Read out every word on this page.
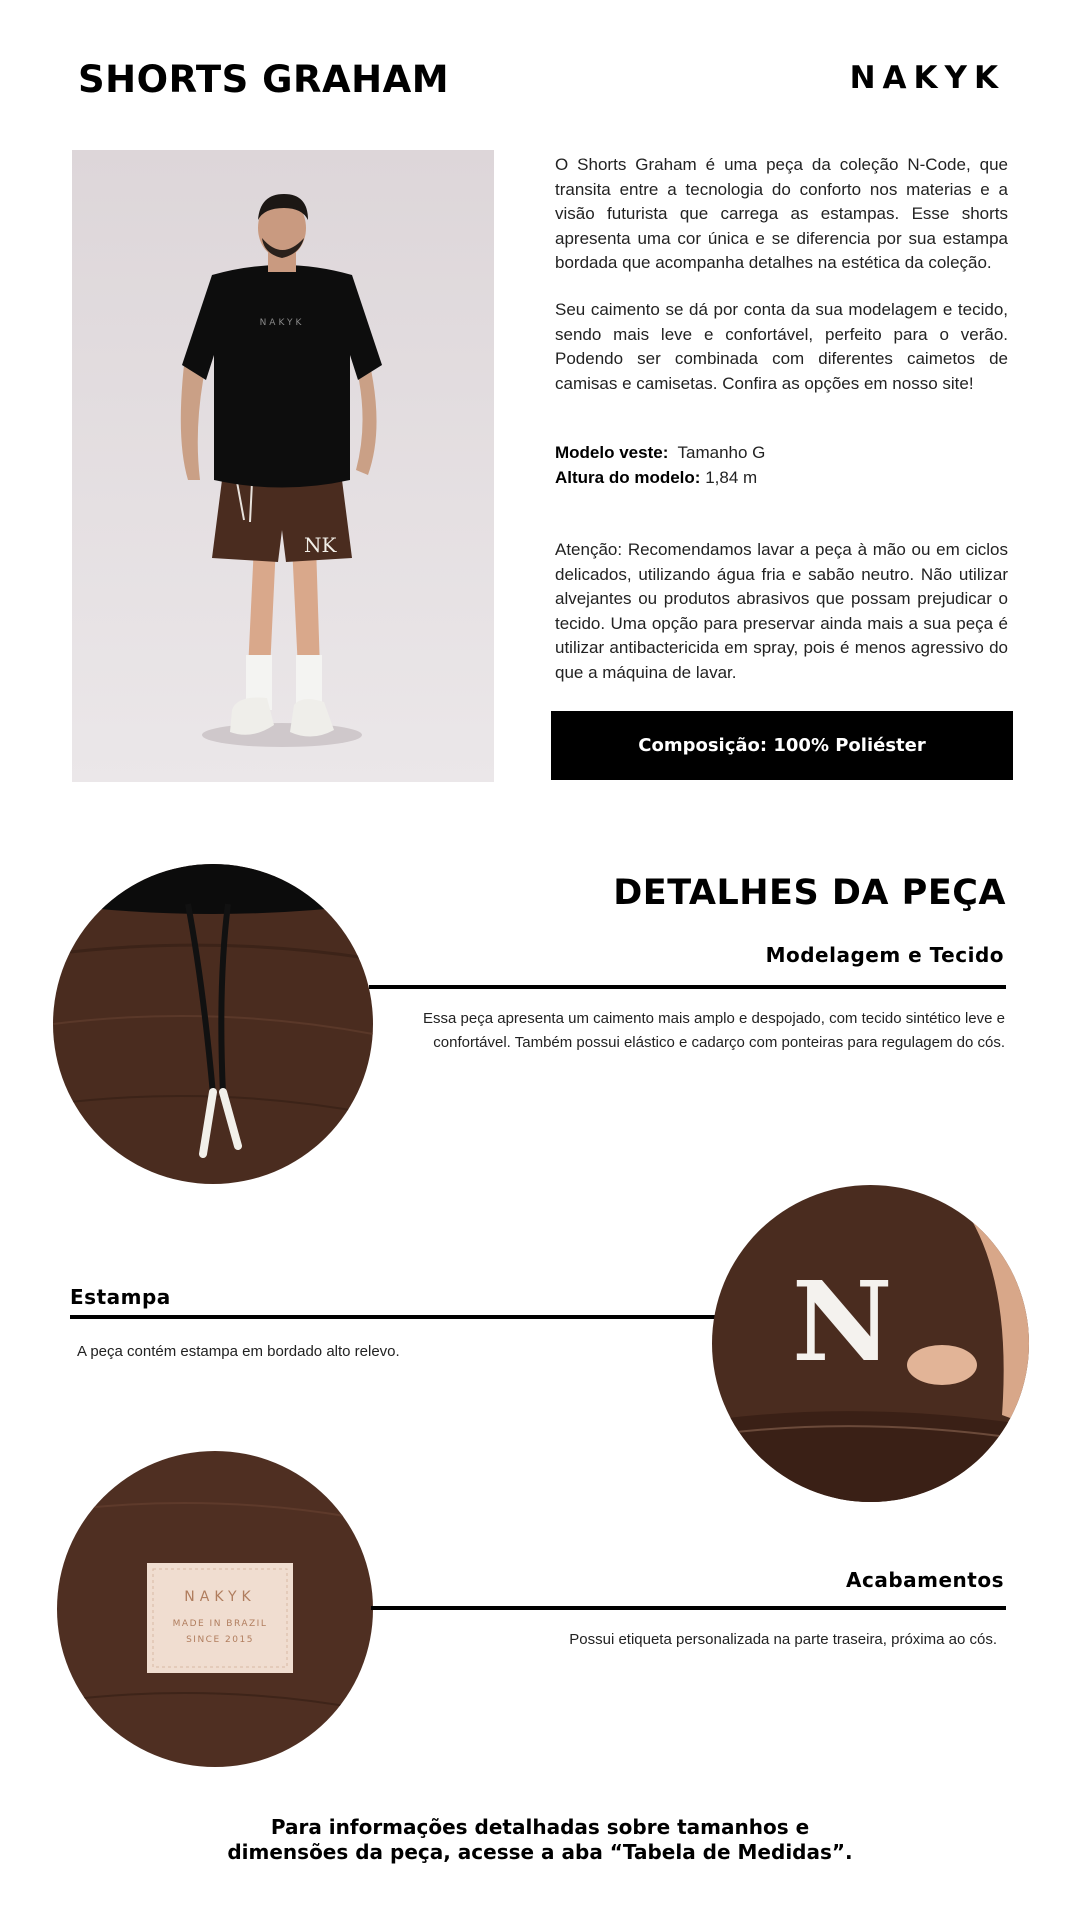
SHORTS GRAHAM	NAKYK
NK
NAKYK

O Shorts Graham é uma peça da coleção N-Code, que transita entre a tecnologia do conforto nos materias e a visão futurista que carrega as estampas. Esse shorts apresenta uma cor única e se diferencia por sua estampa bordada que acompanha detalhes na estética da coleção.

Seu caimento se dá por conta da sua modelagem e tecido, sendo mais leve e confortável, perfeito para o verão. Podendo ser combinada com diferentes caimetos de camisas e camisetas. Confira as opções em nosso site!

Modelo veste: Tamanho G
Altura do modelo: 1,84 m

Atenção: Recomendamos lavar a peça à mão ou em ciclos delicados, utilizando água fria e sabão neutro. Não utilizar alvejantes ou produtos abrasivos que possam prejudicar o tecido. Uma opção para preservar ainda mais a sua peça é utilizar antibactericida em spray, pois é menos agressivo do que a máquina de lavar.

Composição: 100% Poliéster
DETALHES DA PEÇA
Modelagem e Tecido
Essa peça apresenta um caimento mais amplo e despojado, com tecido sintético leve e confortável. Também possui elástico e cadarço com ponteiras para regulagem do cós.
Estampa
A peça contém estampa em bordado alto relevo.	N
NAKYK
MADE IN BRAZIL
SINCE 2015
Acabamentos
Possui etiqueta personalizada na parte traseira, próxima ao cós.
Para informações detalhadas sobre tamanhos e
dimensões da peça, acesse a aba “Tabela de Medidas”.
